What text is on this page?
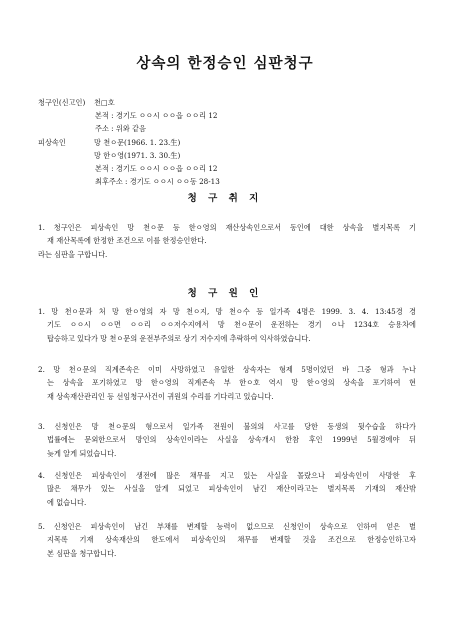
상속의 한정승인 심판청구
청구인(신고인) 천□호
본적 : 경기도 ㅇㅇ시 ㅇㅇ읍 ㅇㅇ리 12
주소 : 위와 같음
피상속인	망 천ㅇ문(1966. 1. 23.生)
망 한ㅇ영(1971. 3. 30.生)
본적 : 경기도 ㅇㅇ시 ㅇㅇ읍 ㅇㅇ리 12
최후주소 : 경기도 ㅇㅇ시 ㅇㅇ동 28-13
청 구 취 지
1. 청구인은 피상속인 망 천ㅇ문 등 한ㅇ영의 재산상속인으로서 동인에 대한 상속을 별지목록 기
재 재산목록에 한정한 조건으로 이를 한정승인한다.
라는 심판을 구합니다.
청 구 원 인
1. 망 천ㅇ문과 처 망 한ㅇ영의 자 망 천ㅇ지, 망 천ㅇ수 등 일가족 4명은 1999. 3. 4. 13:45경 경
기도 ㅇㅇ시 ㅇㅇ면 ㅇㅇ리 ㅇㅇ저수지에서 망 천ㅇ문이 운전하는 경기 ㅇ나 1234호 승용차에
탑승하고 있다가 망 천ㅇ문의 운전부주의로 상기 저수지에 추락하여 익사하였습니다.
2. 망 천ㅇ문의 직계존속은 이미 사망하였고 유일한 상속자는 형제 5명이었던 바 그중 형과 누나
는 상속을 포기하였고 망 한ㅇ영의 직계존속 부 한ㅇ호 역시 망 한ㅇ영의 상속을 포기하여 현
재 상속재산관리인 등 선임청구사건이 귀원의 수리를 기다리고 있습니다.
3. 신청인은 망 천ㅇ문의 형으로서 일가족 전원이 불의의 사고를 당한 동생의 뒷수습을 하다가
법률에는 문외한으로서 망인의 상속인이라는 사실을 상속개시 한참 후인 1999년 5월경에야 뒤
늦게 알게 되었습니다.
4. 신청인은 피상속인이 생전에 많은 채무를 지고 있는 사실을 몰랐으나 피상속인이 사망한 후
많은 채무가 있는 사실을 알게 되었고 피상속인이 남긴 재산이라고는 별지목록 기재의 재산밖
에 없습니다.
5. 신청인은 피상속인이 남긴 부채를 변제할 능력이 없으므로 신청인이 상속으로 인하여 얻은 별
지목록 기재 상속재산의 한도에서 피상속인의 채무를 변제할 것을 조건으로 한정승인하고자
본 심판을 청구합니다.
